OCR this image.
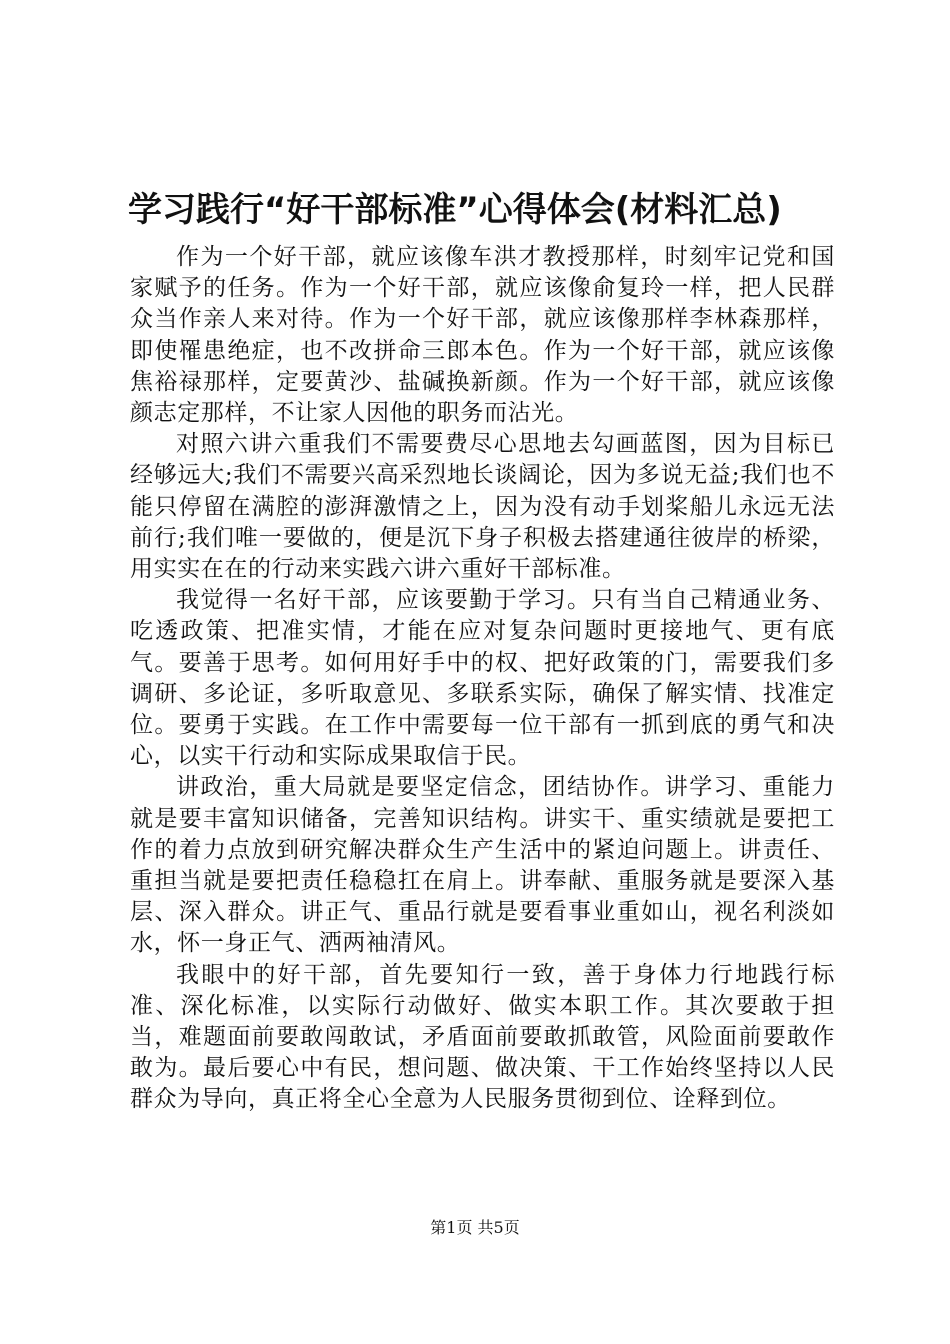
学习践行“好干部标准”心得体会(材料汇总)

作为一个好干部，就应该像车洪才教授那样，时刻牢记党和国家赋予的任务。作为一个好干部，就应该像俞复玲一样，把人民群众当作亲人来对待。作为一个好干部，就应该像那样李林森那样，即使罹患绝症，也不改拼命三郎本色。作为一个好干部，就应该像焦裕禄那样，定要黄沙、盐碱换新颜。作为一个好干部，就应该像颜志定那样，不让家人因他的职务而沾光。

对照六讲六重我们不需要费尽心思地去勾画蓝图，因为目标已经够远大;我们不需要兴高采烈地长谈阔论，因为多说无益;我们也不能只停留在满腔的澎湃激情之上，因为没有动手划桨船儿永远无法前行;我们唯一要做的，便是沉下身子积极去搭建通往彼岸的桥梁，用实实在在的行动来实践六讲六重好干部标准。

我觉得一名好干部，应该要勤于学习。只有当自己精通业务、吃透政策、把准实情，才能在应对复杂问题时更接地气、更有底气。要善于思考。如何用好手中的权、把好政策的门，需要我们多调研、多论证，多听取意见、多联系实际，确保了解实情、找准定位。要勇于实践。在工作中需要每一位干部有一抓到底的勇气和决心，以实干行动和实际成果取信于民。

讲政治，重大局就是要坚定信念，团结协作。讲学习、重能力就是要丰富知识储备，完善知识结构。讲实干、重实绩就是要把工作的着力点放到研究解决群众生产生活中的紧迫问题上。讲责任、重担当就是要把责任稳稳扛在肩上。讲奉献、重服务就是要深入基层、深入群众。讲正气、重品行就是要看事业重如山，视名利淡如水，怀一身正气、洒两袖清风。

我眼中的好干部，首先要知行一致，善于身体力行地践行标准、深化标准，以实际行动做好、做实本职工作。其次要敢于担当，难题面前要敢闯敢试，矛盾面前要敢抓敢管，风险面前要敢作敢为。最后要心中有民，想问题、做决策、干工作始终坚持以人民群众为导向，真正将全心全意为人民服务贯彻到位、诠释到位。

第1页 共5页
